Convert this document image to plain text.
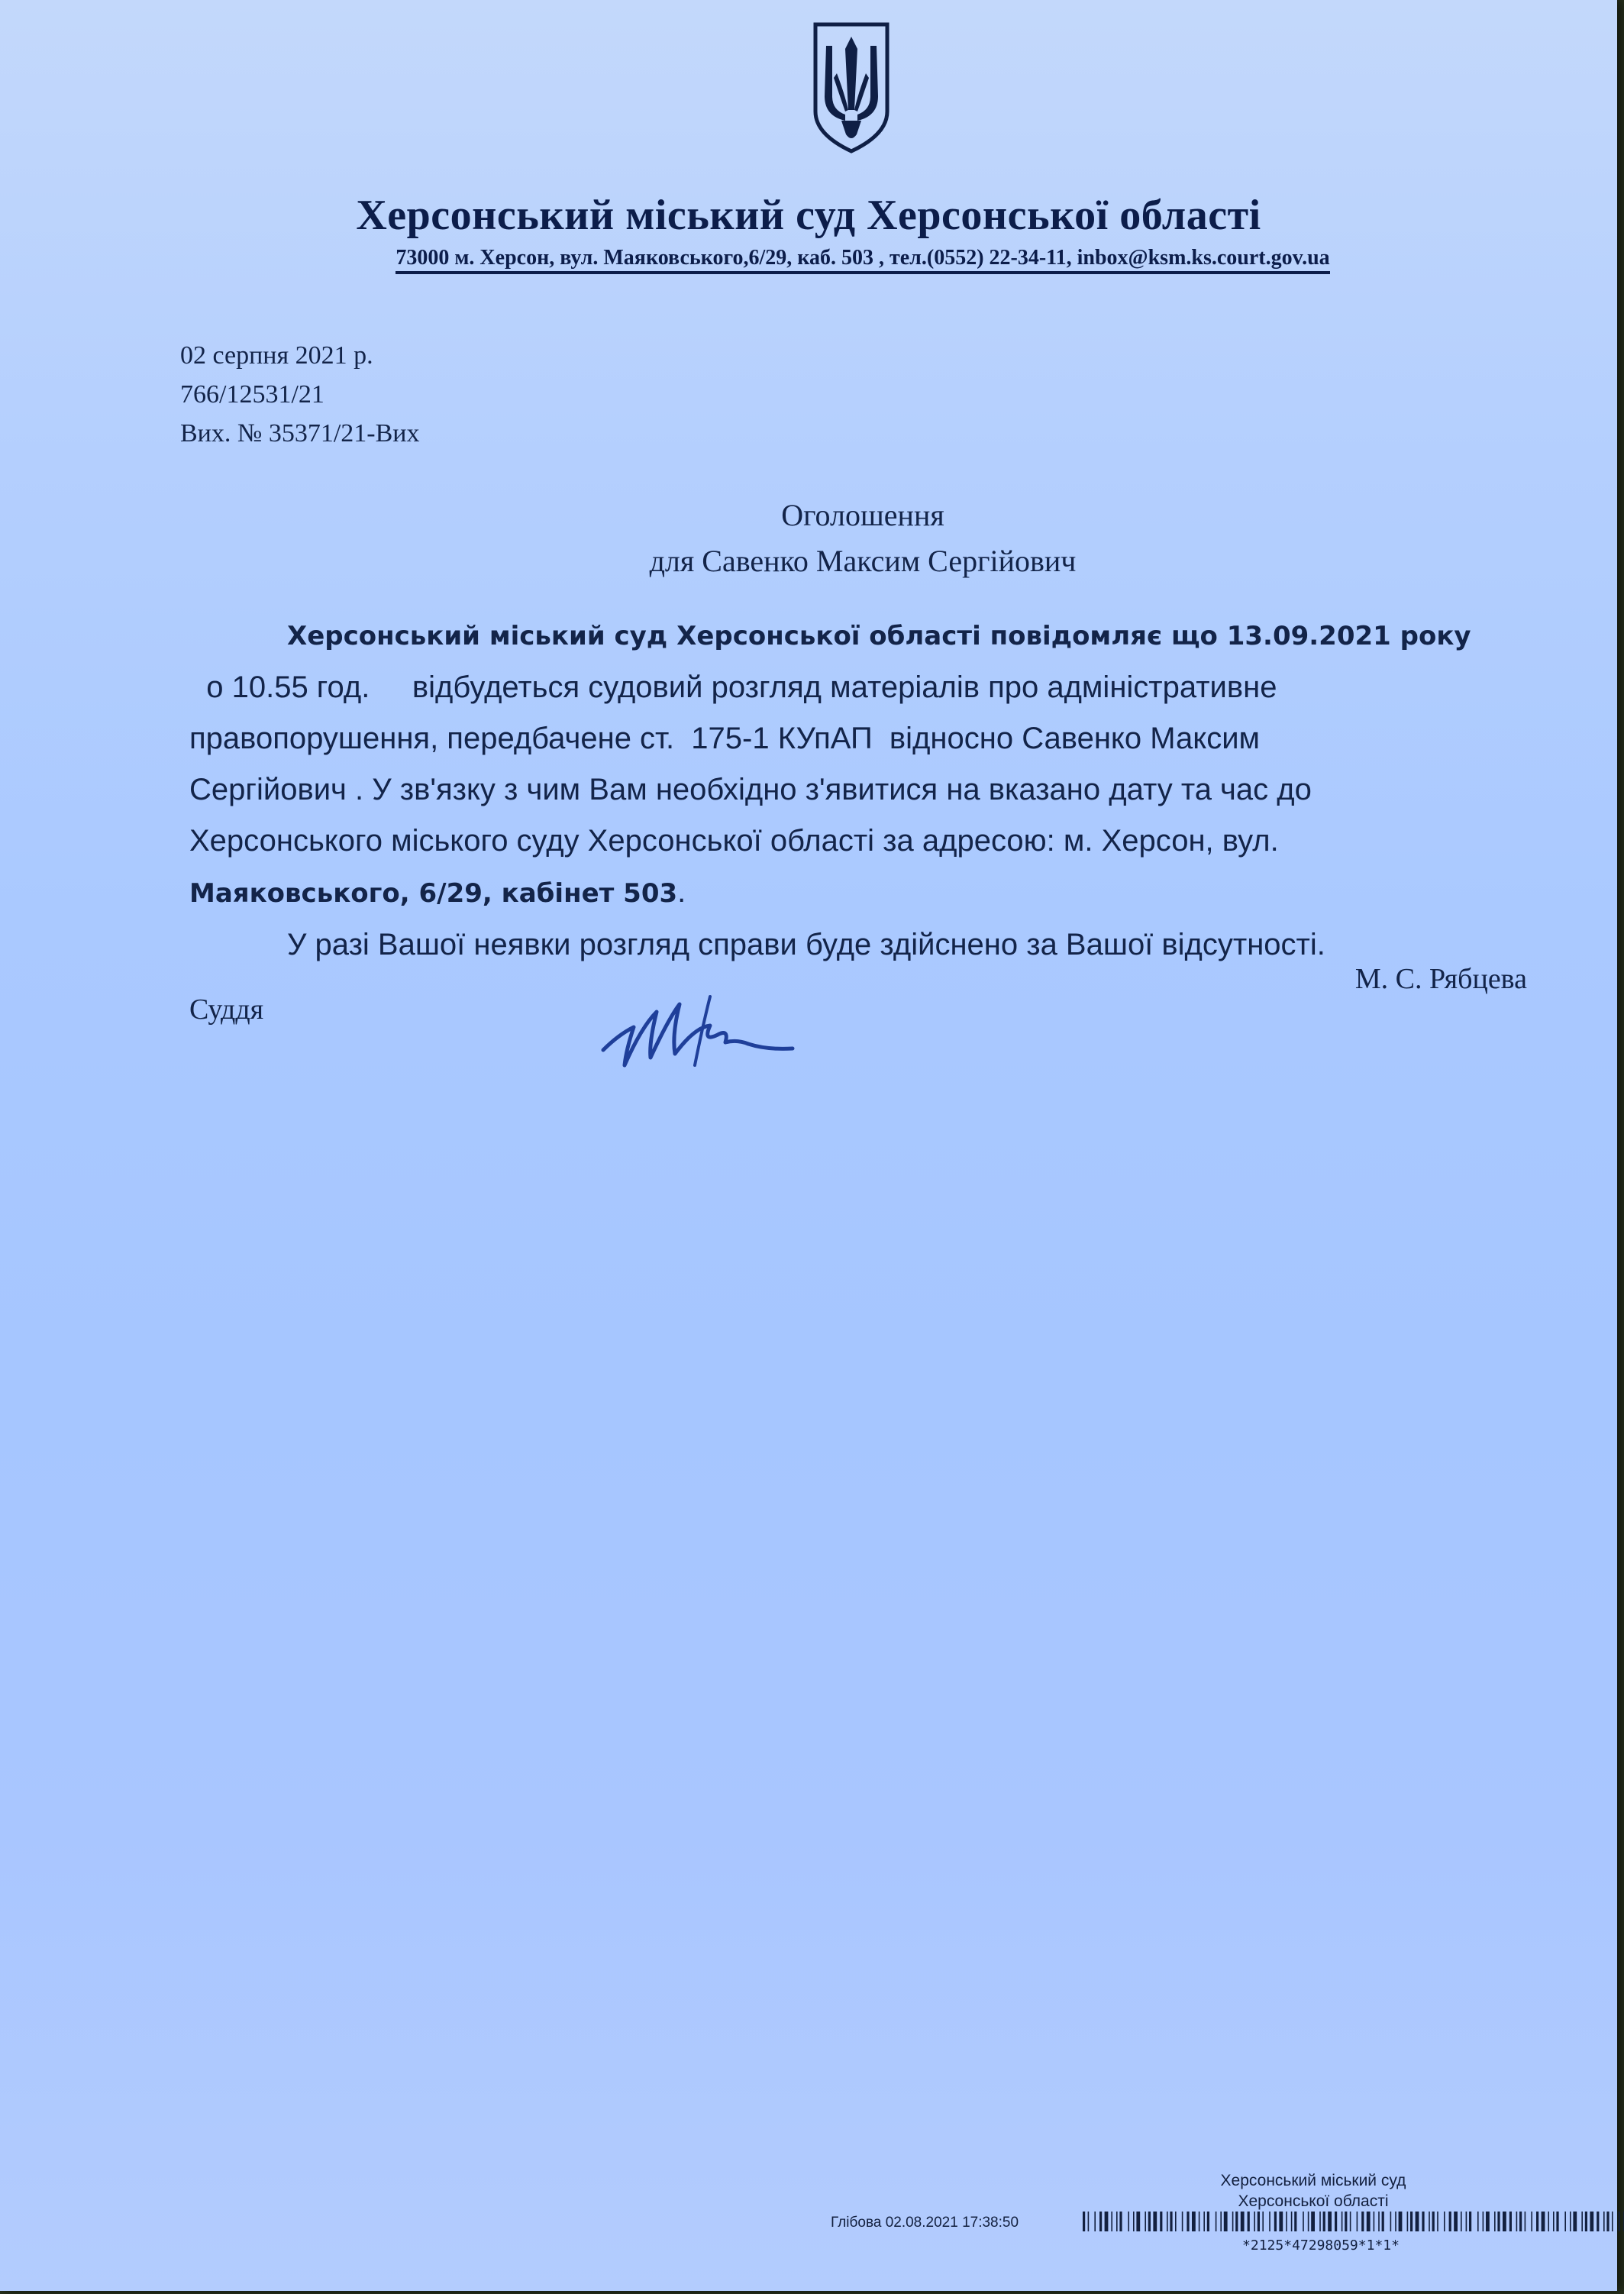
Херсонський міський суд Херсонської області
73000 м. Херсон, вул. Маяковського,6/29, каб. 503 , тел.(0552) 22-34-11, inbox@ksm.ks.court.gov.ua
02 серпня 2021 р.
766/12531/21
Вих. № 35371/21-Вих
Оголошення
для Савенко Максим Сергійович
Херсонський міський суд Херсонської області повідомляє що 13.09.2021 року
о 10.55 год.     відбудеться судовий розгляд матеріалів про адміністративне
правопорушення, передбачене ст.  175-1 КУпАП  відносно Савенко Максим
Сергійович . У зв'язку з чим Вам необхідно з'явитися на вказано дату та час до
Херсонського міського суду Херсонської області за адресою: м. Херсон, вул.
Маяковського, 6/29, кабінет 503.
У разі Вашої неявки розгляд справи буде здійснено за Вашої відсутності.
Суддя
М. С. Рябцева
Херсонський міський суд
Херсонської області
Глібова 02.08.2021 17:38:50
*2125*47298059*1*1*
